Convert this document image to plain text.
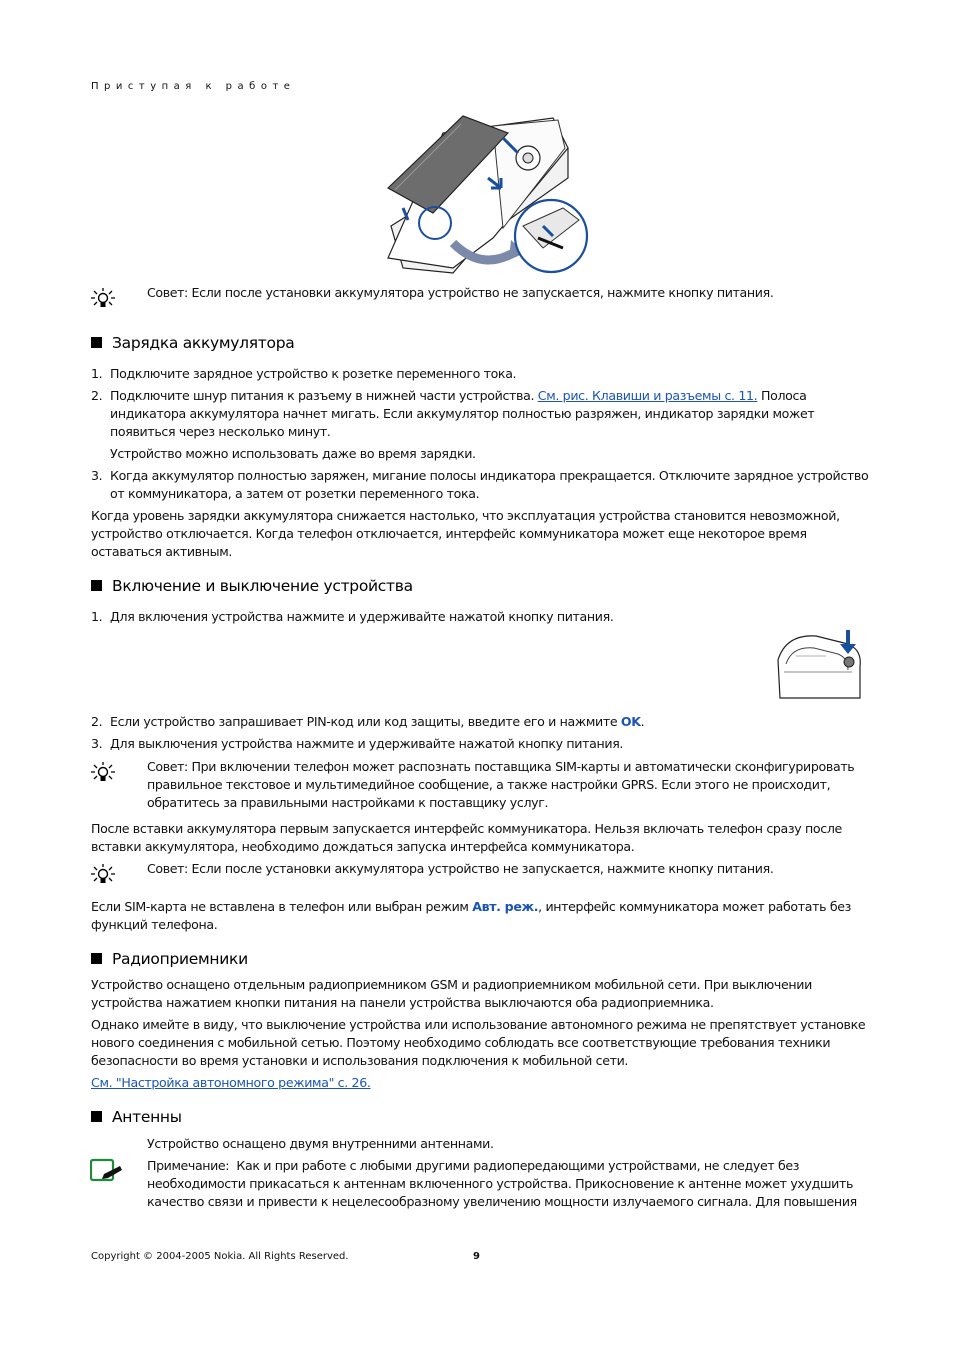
Приступая к работе
Совет: Если после установки аккумулятора устройство не запускается, нажмите кнопку питания.
Зарядка аккумулятора
1. Подключите зарядное устройство к розетке переменного тока.
2. Подключите шнур питания к разъему в нижней части устройства. См. рис. Клавиши и разъемы с. 11. Полоса
индикатора аккумулятора начнет мигать. Если аккумулятор полностью разряжен, индикатор зарядки может
появиться через несколько минут.
Устройство можно использовать даже во время зарядки.
3. Когда аккумулятор полностью заряжен, мигание полосы индикатора прекращается. Отключите зарядное устройство
от коммуникатора, а затем от розетки переменного тока.
Когда уровень зарядки аккумулятора снижается настолько, что эксплуатация устройства становится невозможной,
устройство отключается. Когда телефон отключается, интерфейс коммуникатора может еще некоторое время
оставаться активным.
Включение и выключение устройства
1. Для включения устройства нажмите и удерживайте нажатой кнопку питания.
2. Если устройство запрашивает PIN-код или код защиты, введите его и нажмите OK.
3. Для выключения устройства нажмите и удерживайте нажатой кнопку питания.
Совет: При включении телефон может распознать поставщика SIM-карты и автоматически сконфигурировать
правильное текстовое и мультимедийное сообщение, а также настройки GPRS. Если этого не происходит,
обратитесь за правильными настройками к поставщику услуг.
После вставки аккумулятора первым запускается интерфейс коммуникатора. Нельзя включать телефон сразу после
вставки аккумулятора, необходимо дождаться запуска интерфейса коммуникатора.
Совет: Если после установки аккумулятора устройство не запускается, нажмите кнопку питания.
Если SIM-карта не вставлена в телефон или выбран режим Авт. реж., интерфейс коммуникатора может работать без
функций телефона.
Радиоприемники
Устройство оснащено отдельным радиоприемником GSM и радиоприемником мобильной сети. При выключении
устройства нажатием кнопки питания на панели устройства выключаются оба радиоприемника.
Однако имейте в виду, что выключение устройства или использование автономного режима не препятствует установке
нового соединения с мобильной сетью. Поэтому необходимо соблюдать все соответствующие требования техники
безопасности во время установки и использования подключения к мобильной сети.
См. "Настройка автономного режима" с. 26.
Антенны
Устройство оснащено двумя внутренними антеннами.
Примечание: Как и при работе с любыми другими радиопередающими устройствами, не следует без
необходимости прикасаться к антеннам включенного устройства. Прикосновение к антенне может ухудшить
качество связи и привести к нецелесообразному увеличению мощности излучаемого сигнала. Для повышения
Copyright © 2004-2005 Nokia. All Rights Reserved.	9
